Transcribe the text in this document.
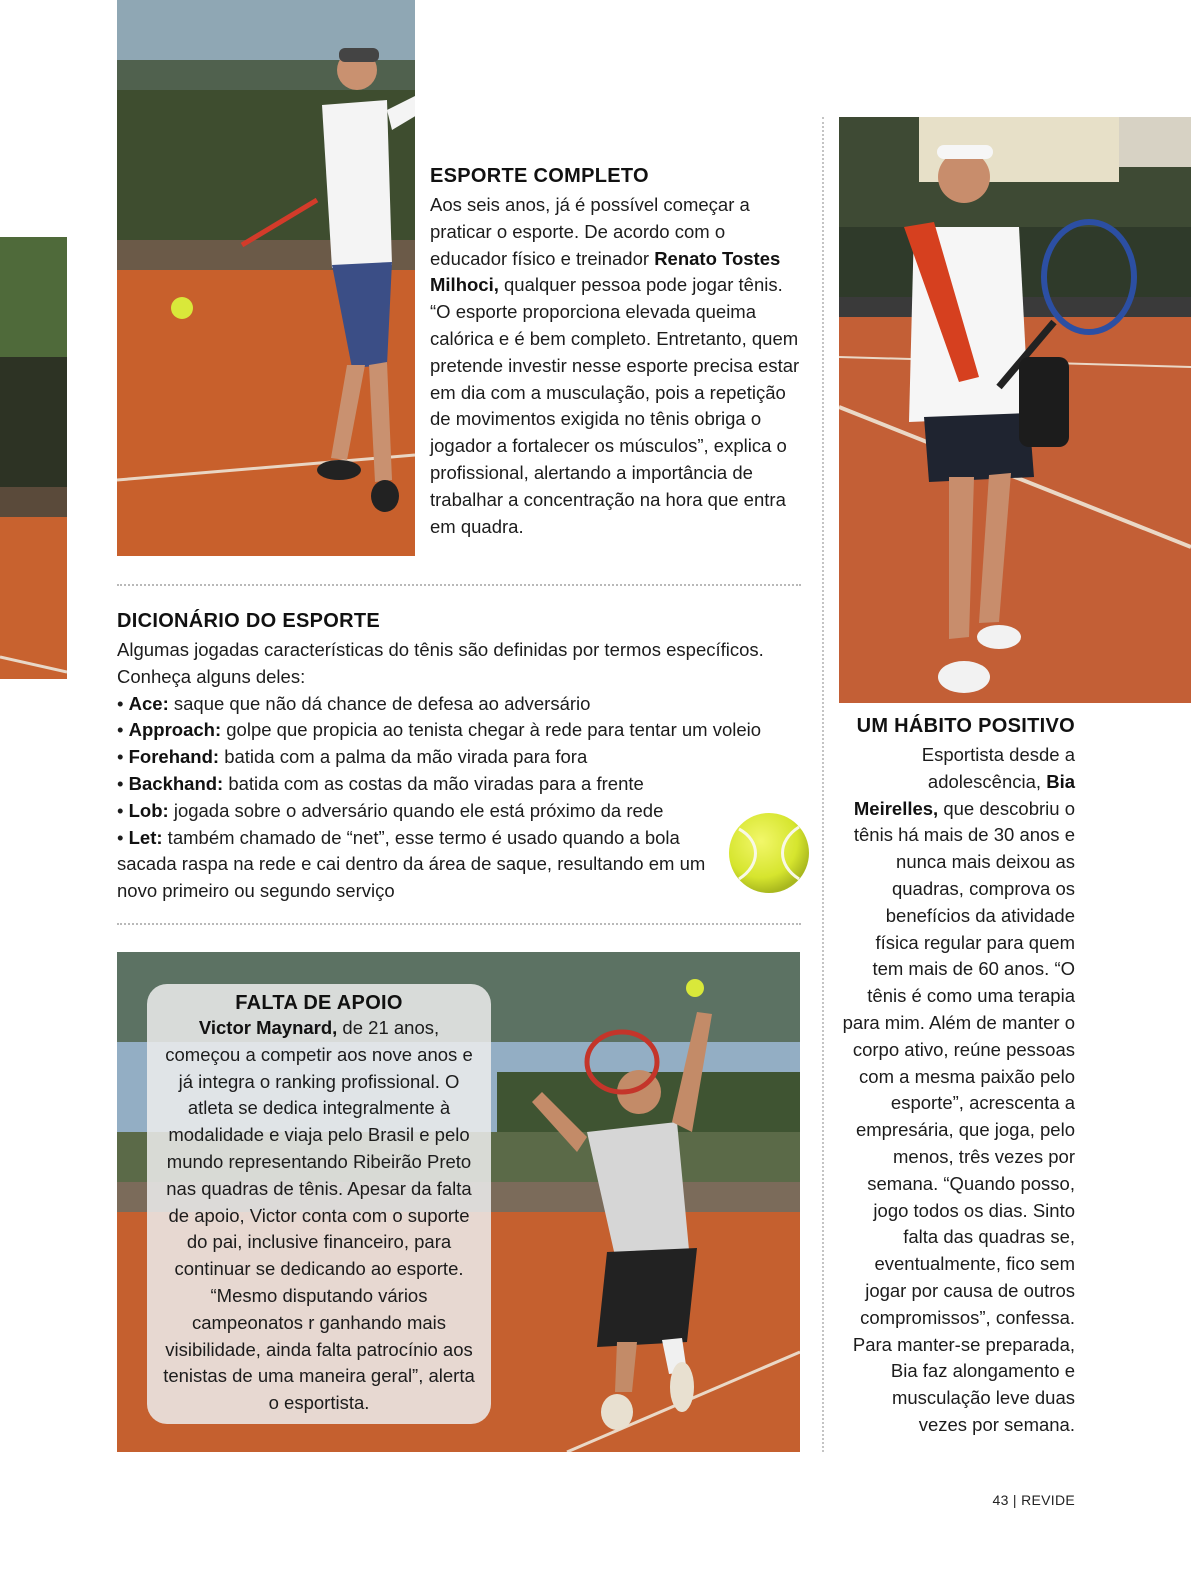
ESPORTE COMPLETO
Aos seis anos, já é possível começar a praticar o esporte. De acordo com o educador físico e treinador Renato Tostes Milhoci, qualquer pessoa pode jogar tênis. “O esporte proporciona elevada queima calórica e é bem completo. Entretanto, quem pretende investir nesse esporte precisa estar em dia com a musculação, pois a repetição de movimentos exigida no tênis obriga o jogador a fortalecer os músculos”, explica o profissional, alertando a importância de trabalhar a concentração na hora que entra em quadra.
DICIONÁRIO DO ESPORTE
Algumas jogadas características do tênis são definidas por termos específicos. Conheça alguns deles:
• Ace: saque que não dá chance de defesa ao adversário
• Approach: golpe que propicia ao tenista chegar à rede para tentar um voleio
• Forehand: batida com a palma da mão virada para fora
• Backhand: batida com as costas da mão viradas para a frente
• Lob: jogada sobre o adversário quando ele está próximo da rede
• Let: também chamado de “net”, esse termo é usado quando a bola sacada raspa na rede e cai dentro da área de saque, resultando em um novo primeiro ou segundo serviço
FALTA DE APOIO
Victor Maynard, de 21 anos, começou a competir aos nove anos e já integra o ranking profissional. O atleta se dedica integralmente à modalidade e viaja pelo Brasil e pelo mundo representando Ribeirão Preto nas quadras de tênis. Apesar da falta de apoio, Victor conta com o suporte do pai, inclusive financeiro, para continuar se dedicando ao esporte. “Mesmo disputando vários campeonatos r ganhando mais visibilidade, ainda falta patrocínio aos tenistas de uma maneira geral”, alerta o esportista.
UM HÁBITO POSITIVO
Esportista desde a adolescência, Bia Meirelles, que descobriu o tênis há mais de 30 anos e nunca mais deixou as quadras, comprova os benefícios da atividade física regular para quem tem mais de 60 anos. “O tênis é como uma terapia para mim. Além de manter o corpo ativo, reúne pessoas com a mesma paixão pelo esporte”, acrescenta a empresária, que joga, pelo menos, três vezes por semana. “Quando posso, jogo todos os dias. Sinto falta das quadras se, eventualmente, fico sem jogar por causa de outros compromissos”, confessa. Para manter-se preparada, Bia faz alongamento e musculação leve duas vezes por semana.
43 | REVIDE
